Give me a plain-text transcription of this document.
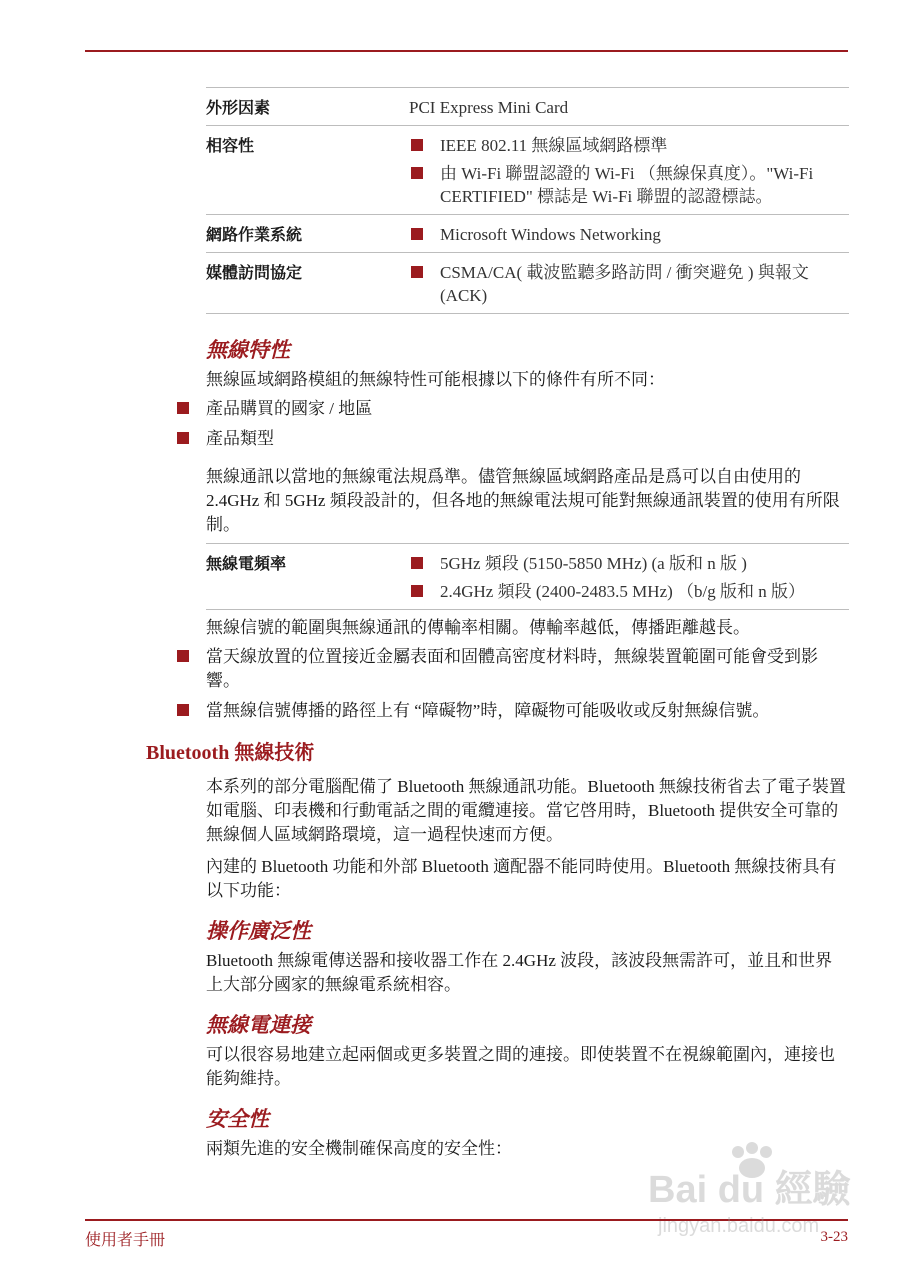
外形因素	PCI Express Mini Card
相容性	IEEE 802.11 無線區域網路標準
由 Wi-Fi 聯盟認證的 Wi-Fi （無線保真度）。"Wi-Fi CERTIFIED" 標誌是 Wi-Fi 聯盟的認證標誌。

網路作業系統	Microsoft Windows Networking

媒體訪問協定	CSMA/CA( 載波監聽多路訪問 / 衝突避免 ) 與報文 (ACK)
無線特性

無線區域網路模組的無線特性可能根據以下的條件有所不同：

產品購買的國家 / 地區
產品類型

無線通訊以當地的無線電法規爲準。儘管無線區域網路產品是爲可以自由使用的 2.4GHz 和 5GHz 頻段設計的，但各地的無線電法規可能對無線通訊裝置的使用有所限制。

無線電頻率	5GHz 頻段 (5150-5850 MHz) (a 版和 n 版 )
2.4GHz 頻段 (2400-2483.5 MHz) （b/g 版和 n 版）

無線信號的範圍與無線通訊的傳輸率相關。傳輸率越低，傳播距離越長。

當天線放置的位置接近金屬表面和固體高密度材料時，無線裝置範圍可能會受到影響。
當無線信號傳播的路徑上有 “障礙物”時，障礙物可能吸收或反射無線信號。
Bluetooth 無線技術

本系列的部分電腦配備了 Bluetooth 無線通訊功能。Bluetooth 無線技術省去了電子裝置如電腦、印表機和行動電話之間的電纜連接。當它啓用時，Bluetooth 提供安全可靠的無線個人區域網路環境，這一過程快速而方便。

內建的 Bluetooth 功能和外部 Bluetooth 適配器不能同時使用。Bluetooth 無線技術具有以下功能：

操作廣泛性

Bluetooth 無線電傳送器和接收器工作在 2.4GHz 波段，該波段無需許可，並且和世界上大部分國家的無線電系統相容。

無線電連接

可以很容易地建立起兩個或更多裝置之間的連接。即使裝置不在視線範圍內，連接也能夠維持。

安全性

兩類先進的安全機制確保高度的安全性：

使用者手冊	3-23
Bai du 經驗
jingyan.baidu.com
